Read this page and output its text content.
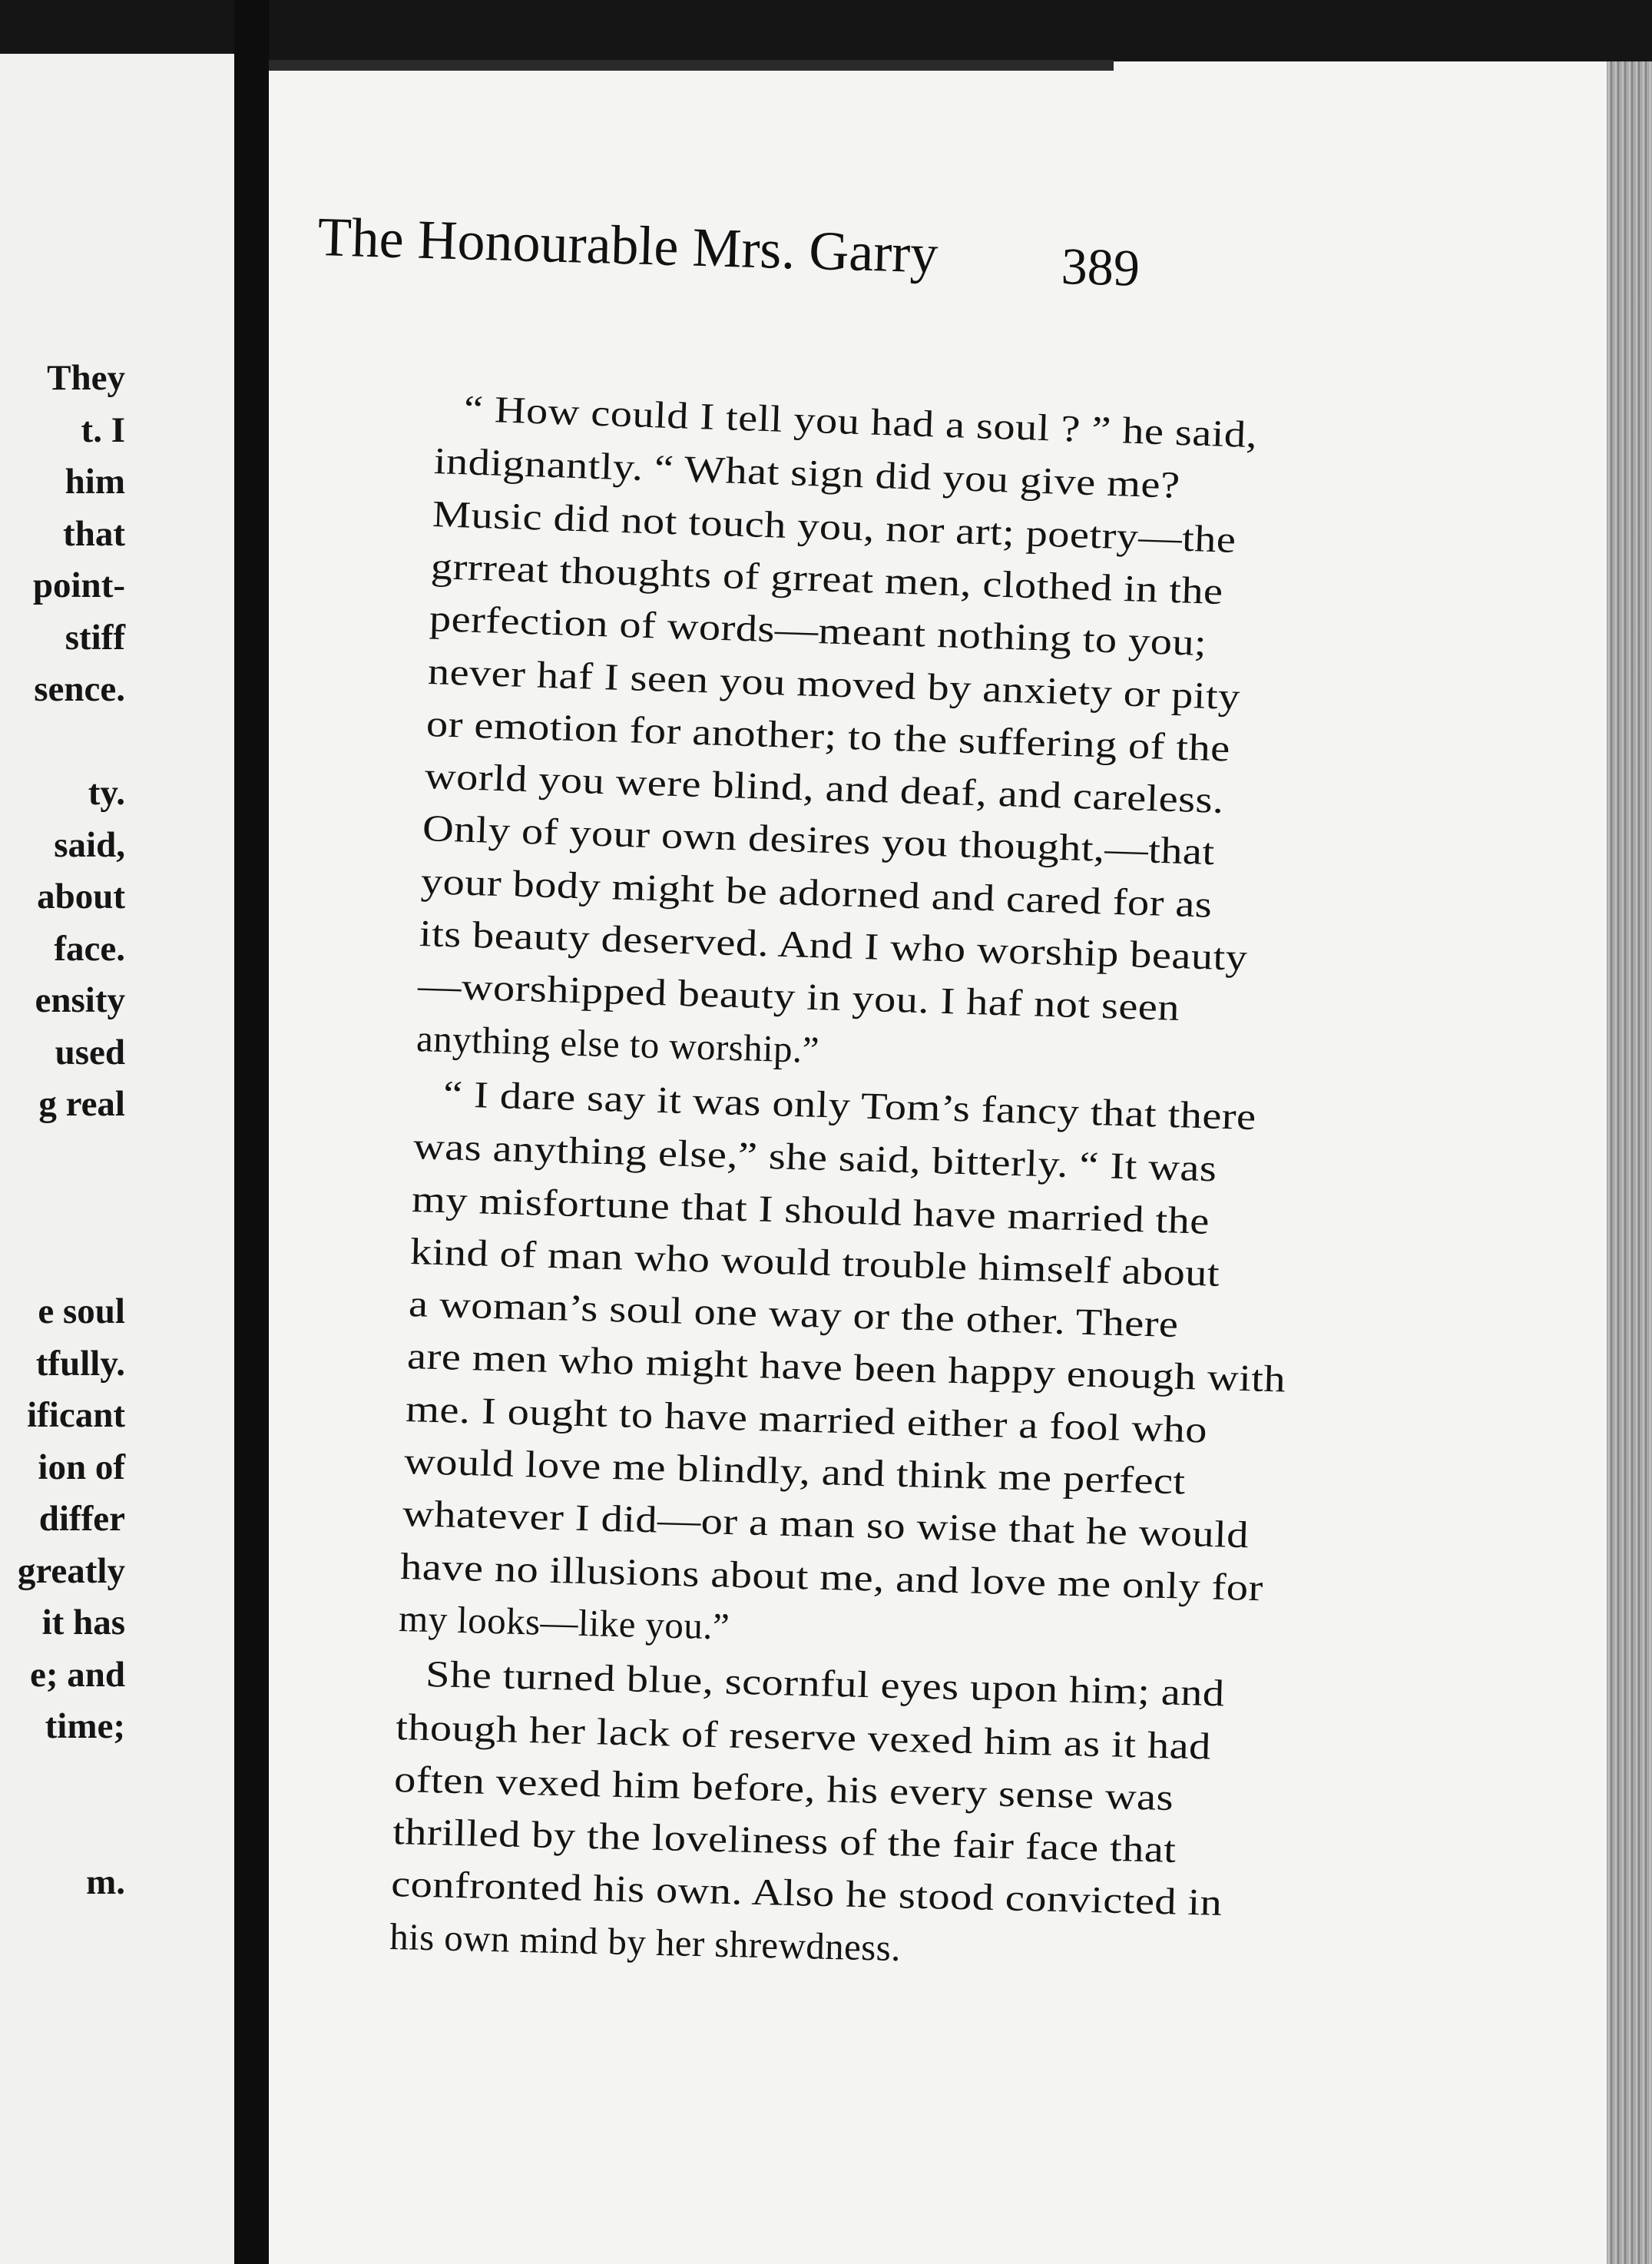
They
t. I
him
that
point-
stiff
sence.
ty.
said,
about
face.
ensity
used
g real
e soul
tfully.
ificant
ion of
differ
greatly
it has
e; and
time;
m.
The Honourable Mrs. Garry 389
“ How could I tell you had a soul ? ” he said,
indignantly. “ What sign did you give me?
Music did not touch you, nor art; poetry—the
grrreat thoughts of grreat men, clothed in the
perfection of words—meant nothing to you;
never haf I seen you moved by anxiety or pity
or emotion for another; to the suffering of the
world you were blind, and deaf, and careless.
Only of your own desires you thought,—that
your body might be adorned and cared for as
its beauty deserved. And I who worship beauty
—worshipped beauty in you. I haf not seen
anything else to worship.”
“ I dare say it was only Tom’s fancy that there
was anything else,” she said, bitterly. “ It was
my misfortune that I should have married the
kind of man who would trouble himself about
a woman’s soul one way or the other. There
are men who might have been happy enough with
me. I ought to have married either a fool who
would love me blindly, and think me perfect
whatever I did—or a man so wise that he would
have no illusions about me, and love me only for
my looks—like you.”
She turned blue, scornful eyes upon him; and
though her lack of reserve vexed him as it had
often vexed him before, his every sense was
thrilled by the loveliness of the fair face that
confronted his own. Also he stood convicted in
his own mind by her shrewdness.
